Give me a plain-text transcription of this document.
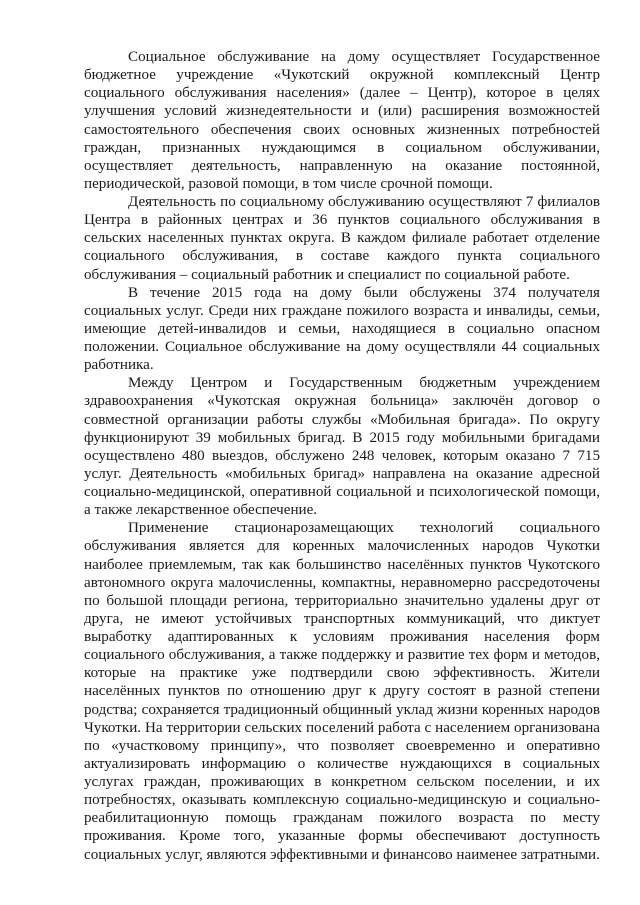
Социальное обслуживание на дому осуществляет Государственное бюджетное учреждение «Чукотский окружной комплексный Центр социального обслуживания населения» (далее – Центр), которое в целях улучшения условий жизнедеятельности и (или) расширения возможностей самостоятельного обеспечения своих основных жизненных потребностей граждан, признанных нуждающимся в социальном обслуживании, осуществляет деятельность, направленную на оказание постоянной, периодической, разовой помощи, в том числе срочной помощи.

Деятельность по социальному обслуживанию осуществляют 7 филиалов Центра в районных центрах и 36 пунктов социального обслуживания в сельских населенных пунктах округа. В каждом филиале работает отделение социального обслуживания, в составе каждого пункта социального обслуживания – социальный работник и специалист по социальной работе.

В течение 2015 года на дому были обслужены 374 получателя социальных услуг. Среди них граждане пожилого возраста и инвалиды, семьи, имеющие детей-инвалидов и семьи, находящиеся в социально опасном положении. Социальное обслуживание на дому осуществляли 44 социальных работника.

Между Центром и Государственным бюджетным учреждением здравоохранения «Чукотская окружная больница» заключён договор о совместной организации работы службы «Мобильная бригада». По округу функционируют 39 мобильных бригад. В 2015 году мобильными бригадами осуществлено 480 выездов, обслужено 248 человек, которым оказано 7 715 услуг. Деятельность «мобильных бригад» направлена на оказание адресной социально-медицинской, оперативной социальной и психологической помощи, а также лекарственное обеспечение.

Применение стационарозамещающих технологий социального обслуживания является для коренных малочисленных народов Чукотки наиболее приемлемым, так как большинство населённых пунктов Чукотского автономного округа малочисленны, компактны, неравномерно рассредоточены по большой площади региона, территориально значительно удалены друг от друга, не имеют устойчивых транспортных коммуникаций, что диктует выработку адаптированных к условиям проживания населения форм социального обслуживания, а также поддержку и развитие тех форм и методов, которые на практике уже подтвердили свою эффективность. Жители населённых пунктов по отношению друг к другу состоят в разной степени родства; сохраняется традиционный общинный уклад жизни коренных народов Чукотки. На территории сельских поселений работа с населением организована по «участковому принципу», что позволяет своевременно и оперативно актуализировать информацию о количестве нуждающихся в социальных услугах граждан, проживающих в конкретном сельском поселении, и их потребностях, оказывать комплексную социально-медицинскую и социально-реабилитационную помощь гражданам пожилого возраста по месту проживания. Кроме того, указанные формы обеспечивают доступность социальных услуг, являются эффективными и финансово наименее затратными.
